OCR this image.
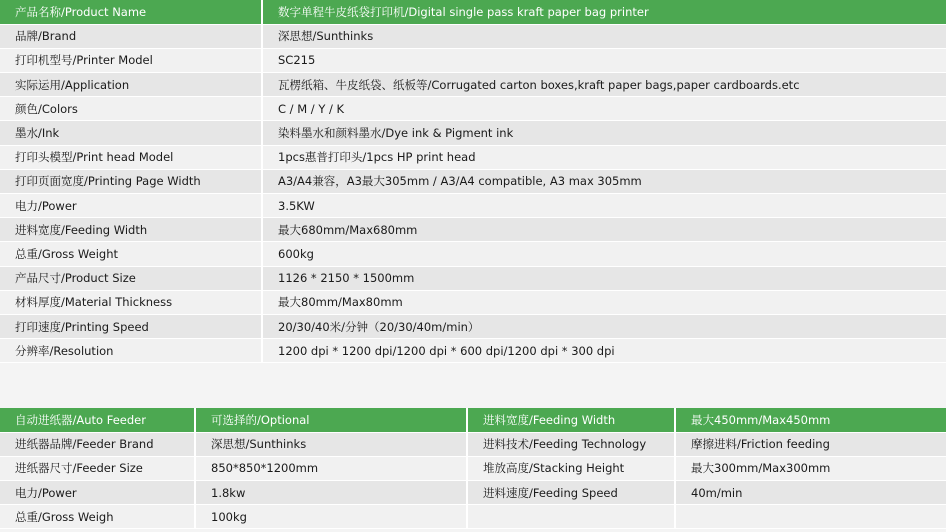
产品名称/Product Name	数字单程牛皮纸袋打印机/Digital single pass kraft paper bag printer
品牌/Brand	深思想/Sunthinks
打印机型号/Printer Model	SC215
实际运用/Application	瓦楞纸箱、牛皮纸袋、纸板等/Corrugated carton boxes,kraft paper bags,paper cardboards.etc
颜色/Colors	C / M / Y / K
墨水/Ink	染料墨水和颜料墨水/Dye ink & Pigment ink
打印头模型/Print head Model	1pcs惠普打印头/1pcs HP print head
打印页面宽度/Printing Page Width	A3/A4兼容，A3最大305mm / A3/A4 compatible, A3 max 305mm
电力/Power	3.5KW
进料宽度/Feeding Width	最大680mm/Max680mm
总重/Gross Weight	600kg
产品尺寸/Product Size	1126 * 2150 * 1500mm
材料厚度/Material Thickness	最大80mm/Max80mm
打印速度/Printing Speed	20/30/40米/分钟（20/30/40m/min）
分辨率/Resolution	1200 dpi * 1200 dpi/1200 dpi * 600 dpi/1200 dpi * 300 dpi
自动进纸器/Auto Feeder	可选择的/Optional	进料宽度/Feeding Width	最大450mm/Max450mm
进纸器品牌/Feeder Brand	深思想/Sunthinks	进料技术/Feeding Technology	摩擦进料/Friction feeding
进纸器尺寸/Feeder Size	850*850*1200mm	堆放高度/Stacking Height	最大300mm/Max300mm
电力/Power	1.8kw	进料速度/Feeding Speed	40m/min
总重/Gross Weigh	100kg		
